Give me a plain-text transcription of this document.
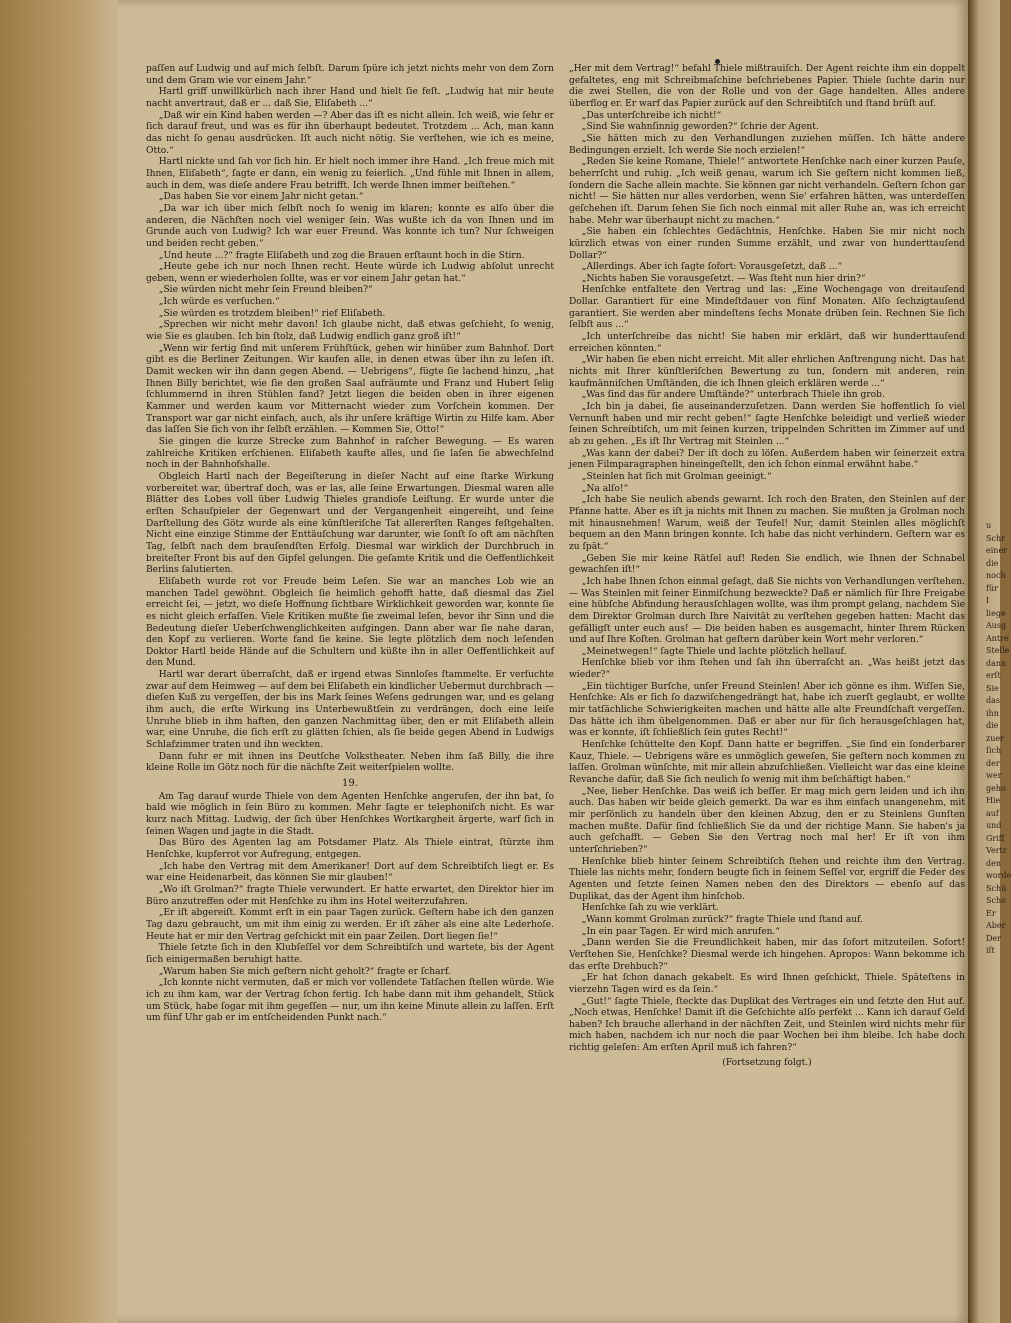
paſſen auf Ludwig und auf mich ſelbſt. Darum ſpüre ich jetzt nichts mehr von dem Zorn und dem Gram wie vor einem Jahr.“

Hartl griff unwillkürlich nach ihrer Hand und hielt ſie feſt. „Ludwig hat mir heute nacht anvertraut, daß er ... daß Sie, Eliſabeth ...“

„Daß wir ein Kind haben werden —? Aber das iſt es nicht allein. Ich weiß, wie ſehr er ſich darauf freut, und was es für ihn überhaupt bedeutet. Trotzdem ... Ach, man kann das nicht ſo genau ausdrücken. Iſt auch nicht nötig. Sie verſtehen, wie ich es meine, Otto.“

Hartl nickte und ſah vor ſich hin. Er hielt noch immer ihre Hand. „Ich freue mich mit Ihnen, Eliſabeth“, ſagte er dann, ein wenig zu feierlich. „Und fühle mit Ihnen in allem, auch in dem, was dieſe andere Frau betrifft. Ich werde Ihnen immer beiſtehen.“

„Das haben Sie vor einem Jahr nicht getan.“

„Da war ich über mich ſelbſt noch ſo wenig im klaren; konnte es alſo über die anderen, die Nächſten noch viel weniger ſein. Was wußte ich da von Ihnen und im Grunde auch von Ludwig? Ich war euer Freund. Was konnte ich tun? Nur ſchweigen und beiden recht geben.“

„Und heute ...?“ fragte Eliſabeth und zog die Brauen erſtaunt hoch in die Stirn.

„Heute gebe ich nur noch Ihnen recht. Heute würde ich Ludwig abſolut unrecht geben, wenn er wiederholen ſollte, was er vor einem Jahr getan hat.“

„Sie würden nicht mehr ſein Freund bleiben?“

„Ich würde es verſuchen.“

„Sie würden es trotzdem bleiben!“ rief Eliſabeth.

„Sprechen wir nicht mehr davon! Ich glaube nicht, daß etwas geſchieht, ſo wenig, wie Sie es glauben. Ich bin ſtolz, daß Ludwig endlich ganz groß iſt!“

„Wenn wir fertig ſind mit unſerem Frühſtück, gehen wir hinüber zum Bahnhof. Dort gibt es die Berliner Zeitungen. Wir kaufen alle, in denen etwas über ihn zu leſen iſt. Damit wecken wir ihn dann gegen Abend. — Uebrigens“, fügte ſie lachend hinzu, „hat Ihnen Billy berichtet, wie ſie den großen Saal aufräumte und Franz und Hubert ſelig ſchlummernd in ihren Stühlen fand? Jetzt liegen die beiden oben in ihrer eigenen Kammer und werden kaum vor Mitternacht wieder zum Vorſchein kommen. Der Transport war gar nicht einfach, auch, als ihr unſere kräftige Wirtin zu Hilfe kam. Aber das laſſen Sie ſich von ihr ſelbſt erzählen. — Kommen Sie, Otto!“

Sie gingen die kurze Strecke zum Bahnhof in raſcher Bewegung. — Es waren zahlreiche Kritiken erſchienen. Eliſabeth kaufte alles, und ſie laſen ſie abwechſelnd noch in der Bahnhofshalle.

Obgleich Hartl nach der Begeiſterung in dieſer Nacht auf eine ſtarke Wirkung vorbereitet war, übertraf doch, was er las, alle ſeine Erwartungen. Diesmal waren alle Blätter des Lobes voll über Ludwig Thieles grandioſe Leiſtung. Er wurde unter die erſten Schauſpieler der Gegenwart und der Vergangenheit eingereiht, und ſeine Darſtellung des Götz wurde als eine künſtleriſche Tat allererſten Ranges feſtgehalten. Nicht eine einzige Stimme der Enttäuſchung war darunter, wie ſonſt ſo oft am nächſten Tag, ſelbſt nach dem brauſendſten Erfolg. Diesmal war wirklich der Durchbruch in breiteſter Front bis auf den Gipfel gelungen. Die geſamte Kritik und die Oeffentlichkeit Berlins ſalutierten.

Eliſabeth wurde rot vor Freude beim Leſen. Sie war an manches Lob wie an manchen Tadel gewöhnt. Obgleich ſie heimlich gehofft hatte, daß diesmal das Ziel erreicht ſei, — jetzt, wo dieſe Hoffnung ſichtbare Wirklichkeit geworden war, konnte ſie es nicht gleich erfaſſen. Viele Kritiken mußte ſie zweimal leſen, bevor ihr Sinn und die Bedeutung dieſer Ueberſchwenglichkeiten aufgingen. Dann aber war ſie nahe daran, den Kopf zu verlieren. Worte fand ſie keine. Sie legte plötzlich dem noch leſenden Doktor Hartl beide Hände auf die Schultern und küßte ihn in aller Oeffentlichkeit auf den Mund.

Hartl war derart überraſcht, daß er irgend etwas Sinnloſes ſtammelte. Er verſuchte zwar auf dem Heimweg — auf dem bei Eliſabeth ein kindlicher Uebermut durchbrach — dieſen Kuß zu vergeſſen, der bis ins Mark ſeines Weſens gedrungen war, und es gelang ihm auch, die erſte Wirkung ins Unterbewußtſein zu verdrängen, doch eine leiſe Unruhe blieb in ihm haften, den ganzen Nachmittag über, den er mit Eliſabeth allein war, eine Unruhe, die ſich erſt zu glätten ſchien, als ſie beide gegen Abend in Ludwigs Schlafzimmer traten und ihn weckten.

Dann fuhr er mit ihnen ins Deutſche Volkstheater. Neben ihm ſaß Billy, die ihre kleine Rolle im Götz noch für die nächſte Zeit weiterſpielen wollte.

19.

Am Tag darauf wurde Thiele von dem Agenten Henſchke angerufen, der ihn bat, ſo bald wie möglich in ſein Büro zu kommen. Mehr ſagte er telephoniſch nicht. Es war kurz nach Mittag. Ludwig, der ſich über Henſchkes Wortkargheit ärgerte, warf ſich in ſeinen Wagen und jagte in die Stadt.

Das Büro des Agenten lag am Potsdamer Platz. Als Thiele eintrat, ſtürzte ihm Henſchke, kupferrot vor Aufregung, entgegen.

„Ich habe den Vertrag mit dem Amerikaner! Dort auf dem Schreibtiſch liegt er. Es war eine Heidenarbeit, das können Sie mir glauben!“

„Wo iſt Grolman?“ fragte Thiele verwundert. Er hatte erwartet, den Direktor hier im Büro anzutreffen oder mit Henſchke zu ihm ins Hotel weiterzufahren.

„Er iſt abgereiſt. Kommt erſt in ein paar Tagen zurück. Geſtern habe ich den ganzen Tag dazu gebraucht, um mit ihm einig zu werden. Er iſt zäher als eine alte Lederhoſe. Heute hat er mir den Vertrag geſchickt mit ein paar Zeilen. Dort liegen ſie!“

Thiele ſetzte ſich in den Klubſeſſel vor dem Schreibtiſch und wartete, bis der Agent ſich einigermaßen beruhigt hatte.

„Warum haben Sie mich geſtern nicht geholt?“ fragte er ſcharf.

„Ich konnte nicht vermuten, daß er mich vor vollendete Tatſachen ſtellen würde. Wie ich zu ihm kam, war der Vertrag ſchon fertig. Ich habe dann mit ihm gehandelt, Stück um Stück, habe ſogar mit ihm gegeſſen — nur, um ihn keine Minute allein zu laſſen. Erſt um fünf Uhr gab er im entſcheidenden Punkt nach.“

„Her mit dem Vertrag!“ befahl Thiele mißtrauiſch. Der Agent reichte ihm ein doppelt gefaltetes, eng mit Schreibmaſchine beſchriebenes Papier. Thiele ſuchte darin nur die zwei Stellen, die von der Rolle und von der Gage handelten. Alles andere überflog er. Er warf das Papier zurück auf den Schreibtiſch und ſtand brüſt auf.

„Das unterſchreibe ich nicht!“

„Sind Sie wahnſinnig geworden?“ ſchrie der Agent.

„Sie hätten mich zu den Verhandlungen zuziehen müſſen. Ich hätte andere Bedingungen erzielt. Ich werde Sie noch erzielen!“

„Reden Sie keine Romane, Thiele!“ antwortete Henſchke nach einer kurzen Pauſe, beherrſcht und ruhig. „Ich weiß genau, warum ich Sie geſtern nicht kommen ließ, ſondern die Sache allein machte. Sie können gar nicht verhandeln. Geſtern ſchon gar nicht! — Sie hätten nur alles verdorben, wenn Sie' erfahren hätten, was unterdeſſen geſchehen iſt. Darum ſehen Sie ſich noch einmal mit aller Ruhe an, was ich erreicht habe. Mehr war überhaupt nicht zu machen.“

„Sie haben ein ſchlechtes Gedächtnis, Henſchke. Haben Sie mir nicht noch kürzlich etwas von einer runden Summe erzählt, und zwar von hunderttauſend Dollar?“

„Allerdings. Aber ich ſagte ſofort: Vorausgeſetzt, daß ...“

„Nichts haben Sie vorausgeſetzt. — Was ſteht nun hier drin?“

Henſchke entfaltete den Vertrag und las: „Eine Wochengage von dreitauſend Dollar. Garantiert für eine Mindeſtdauer von fünf Monaten. Alſo ſechzigtauſend garantiert. Sie werden aber mindeſtens ſechs Monate drüben ſein. Rechnen Sie ſich ſelbſt aus ...“

„Ich unterſchreibe das nicht! Sie haben mir erklärt, daß wir hunderttauſend erreichen könnten.“

„Wir haben ſie eben nicht erreicht. Mit aller ehrlichen Anſtrengung nicht. Das hat nichts mit Ihrer künſtleriſchen Bewertung zu tun, ſondern mit anderen, rein kaufmänniſchen Umſtänden, die ich Ihnen gleich erklären werde ...“

„Was ſind das für andere Umſtände?“ unterbrach Thiele ihn grob.

„Ich bin ja dabei, ſie auseinanderzuſetzen. Dann werden Sie hoffentlich ſo viel Vernunft haben und mir recht geben!“ ſagte Henſchke beleidigt und verließ wieder ſeinen Schreibtiſch, um mit ſeinen kurzen, trippelnden Schritten im Zimmer auf und ab zu gehen. „Es iſt Ihr Vertrag mit Steinlen ...“

„Was kann der dabei? Der iſt doch zu löſen. Außerdem haben wir ſeinerzeit extra jenen Filmparagraphen hineingeſtellt, den ich ſchon einmal erwähnt habe.“

„Steinlen hat ſich mit Grolman geeinigt.“

„Na alſo!“

„Ich habe Sie neulich abends gewarnt. Ich roch den Braten, den Steinlen auf der Pfanne hatte. Aber es iſt ja nichts mit Ihnen zu machen. Sie mußten ja Grolman noch mit hinausnehmen! Warum, weiß der Teufel! Nur, damit Steinlen alles möglichſt bequem an den Mann bringen konnte. Ich habe das nicht verhindern. Geſtern war es zu ſpät.“

„Geben Sie mir keine Rätſel auf! Reden Sie endlich, wie Ihnen der Schnabel gewachſen iſt!“

„Ich habe Ihnen ſchon einmal geſagt, daß Sie nichts von Verhandlungen verſtehen. — Was Steinlen mit ſeiner Einmiſchung bezweckte? Daß er nämlich für Ihre Freigabe eine hübſche Abfindung herausſchlagen wollte, was ihm prompt gelang, nachdem Sie dem Direktor Grolman durch Ihre Naivität zu verſtehen gegeben hatten: Macht das gefälligſt unter euch aus! — Die beiden haben es ausgemacht, hinter Ihrem Rücken und auf Ihre Koſten. Grolman hat geſtern darüber kein Wort mehr verloren.“

„Meinetwegen!“ ſagte Thiele und lachte plötzlich hellauf.

Henſchke blieb vor ihm ſtehen und ſah ihn überraſcht an. „Was heißt jetzt das wieder?“

„Ein tüchtiger Burſche, unſer Freund Steinlen! Aber ich gönne es ihm. Wiſſen Sie, Henſchke: Als er ſich ſo dazwiſchengedrängt hat, habe ich zuerſt geglaubt, er wollte mir tatſächliche Schwierigkeiten machen und hätte alle alte Freundſchaft vergeſſen. Das hätte ich ihm übelgenommen. Daß er aber nur für ſich herausgeſchlagen hat, was er konnte, iſt ſchließlich ſein gutes Recht!“

Henſchke ſchüttelte den Kopf. Dann hatte er begriffen. „Sie ſind ein ſonderbarer Kauz, Thiele. — Uebrigens wäre es unmöglich geweſen, Sie geſtern noch kommen zu laſſen. Grolman wünſchte, mit mir allein abzuſchließen. Vielleicht war das eine kleine Revanche dafür, daß Sie ſich neulich ſo wenig mit ihm beſchäftigt haben.“

„Nee, lieber Henſchke. Das weiß ich beſſer. Er mag mich gern leiden und ich ihn auch. Das haben wir beide gleich gemerkt. Da war es ihm einfach unangenehm, mit mir perſönlich zu handeln über den kleinen Abzug, den er zu Steinlens Gunſten machen mußte. Dafür ſind ſchließlich Sie da und der richtige Mann. Sie haben's ja auch geſchafft. — Geben Sie den Vertrag noch mal her! Er iſt von ihm unterſchrieben?“

Henſchke blieb hinter ſeinem Schreibtiſch ſtehen und reichte ihm den Vertrag. Thiele las nichts mehr, ſondern beugte ſich in ſeinem Seſſel vor, ergriff die Feder des Agenten und ſetzte ſeinen Namen neben den des Direktors — ebenſo auf das Duplikat, das der Agent ihm hinſchob.

Henſchke ſah zu wie verklärt.

„Wann kommt Grolman zurück?“ fragte Thiele und ſtand auf.

„In ein paar Tagen. Er wird mich anrufen.“

„Dann werden Sie die Freundlichkeit haben, mir das ſofort mitzuteilen. Sofort! Verſtehen Sie, Henſchke? Diesmal werde ich hingehen. Apropos: Wann bekomme ich das erſte Drehbuch?“

„Er hat ſchon danach gekabelt. Es wird Ihnen geſchickt, Thiele. Späteſtens in vierzehn Tagen wird es da ſein.“

„Gut!“ ſagte Thiele, ſteckte das Duplikat des Vertrages ein und ſetzte den Hut auf. „Noch etwas, Henſchke! Damit iſt die Geſchichte alſo perfekt ... Kann ich darauf Geld haben? Ich brauche allerhand in der nächſten Zeit, und Steinlen wird nichts mehr für mich haben, nachdem ich nur noch die paar Wochen bei ihm bleibe. Ich habe doch richtig geleſen: Am erſten April muß ich fahren?“

(Fortsetzung folgt.)

u
Schr
einer
die
noch
für
I
liege
Ausg
Antre
Stelle
dann
erſt
Sie
das
ihn
die
zuer
ſich
der
wer
geho
Hie
auf
und
Griff
Vertr
den
worde
Schü
Scho
Er
Aber
Der
iſt
